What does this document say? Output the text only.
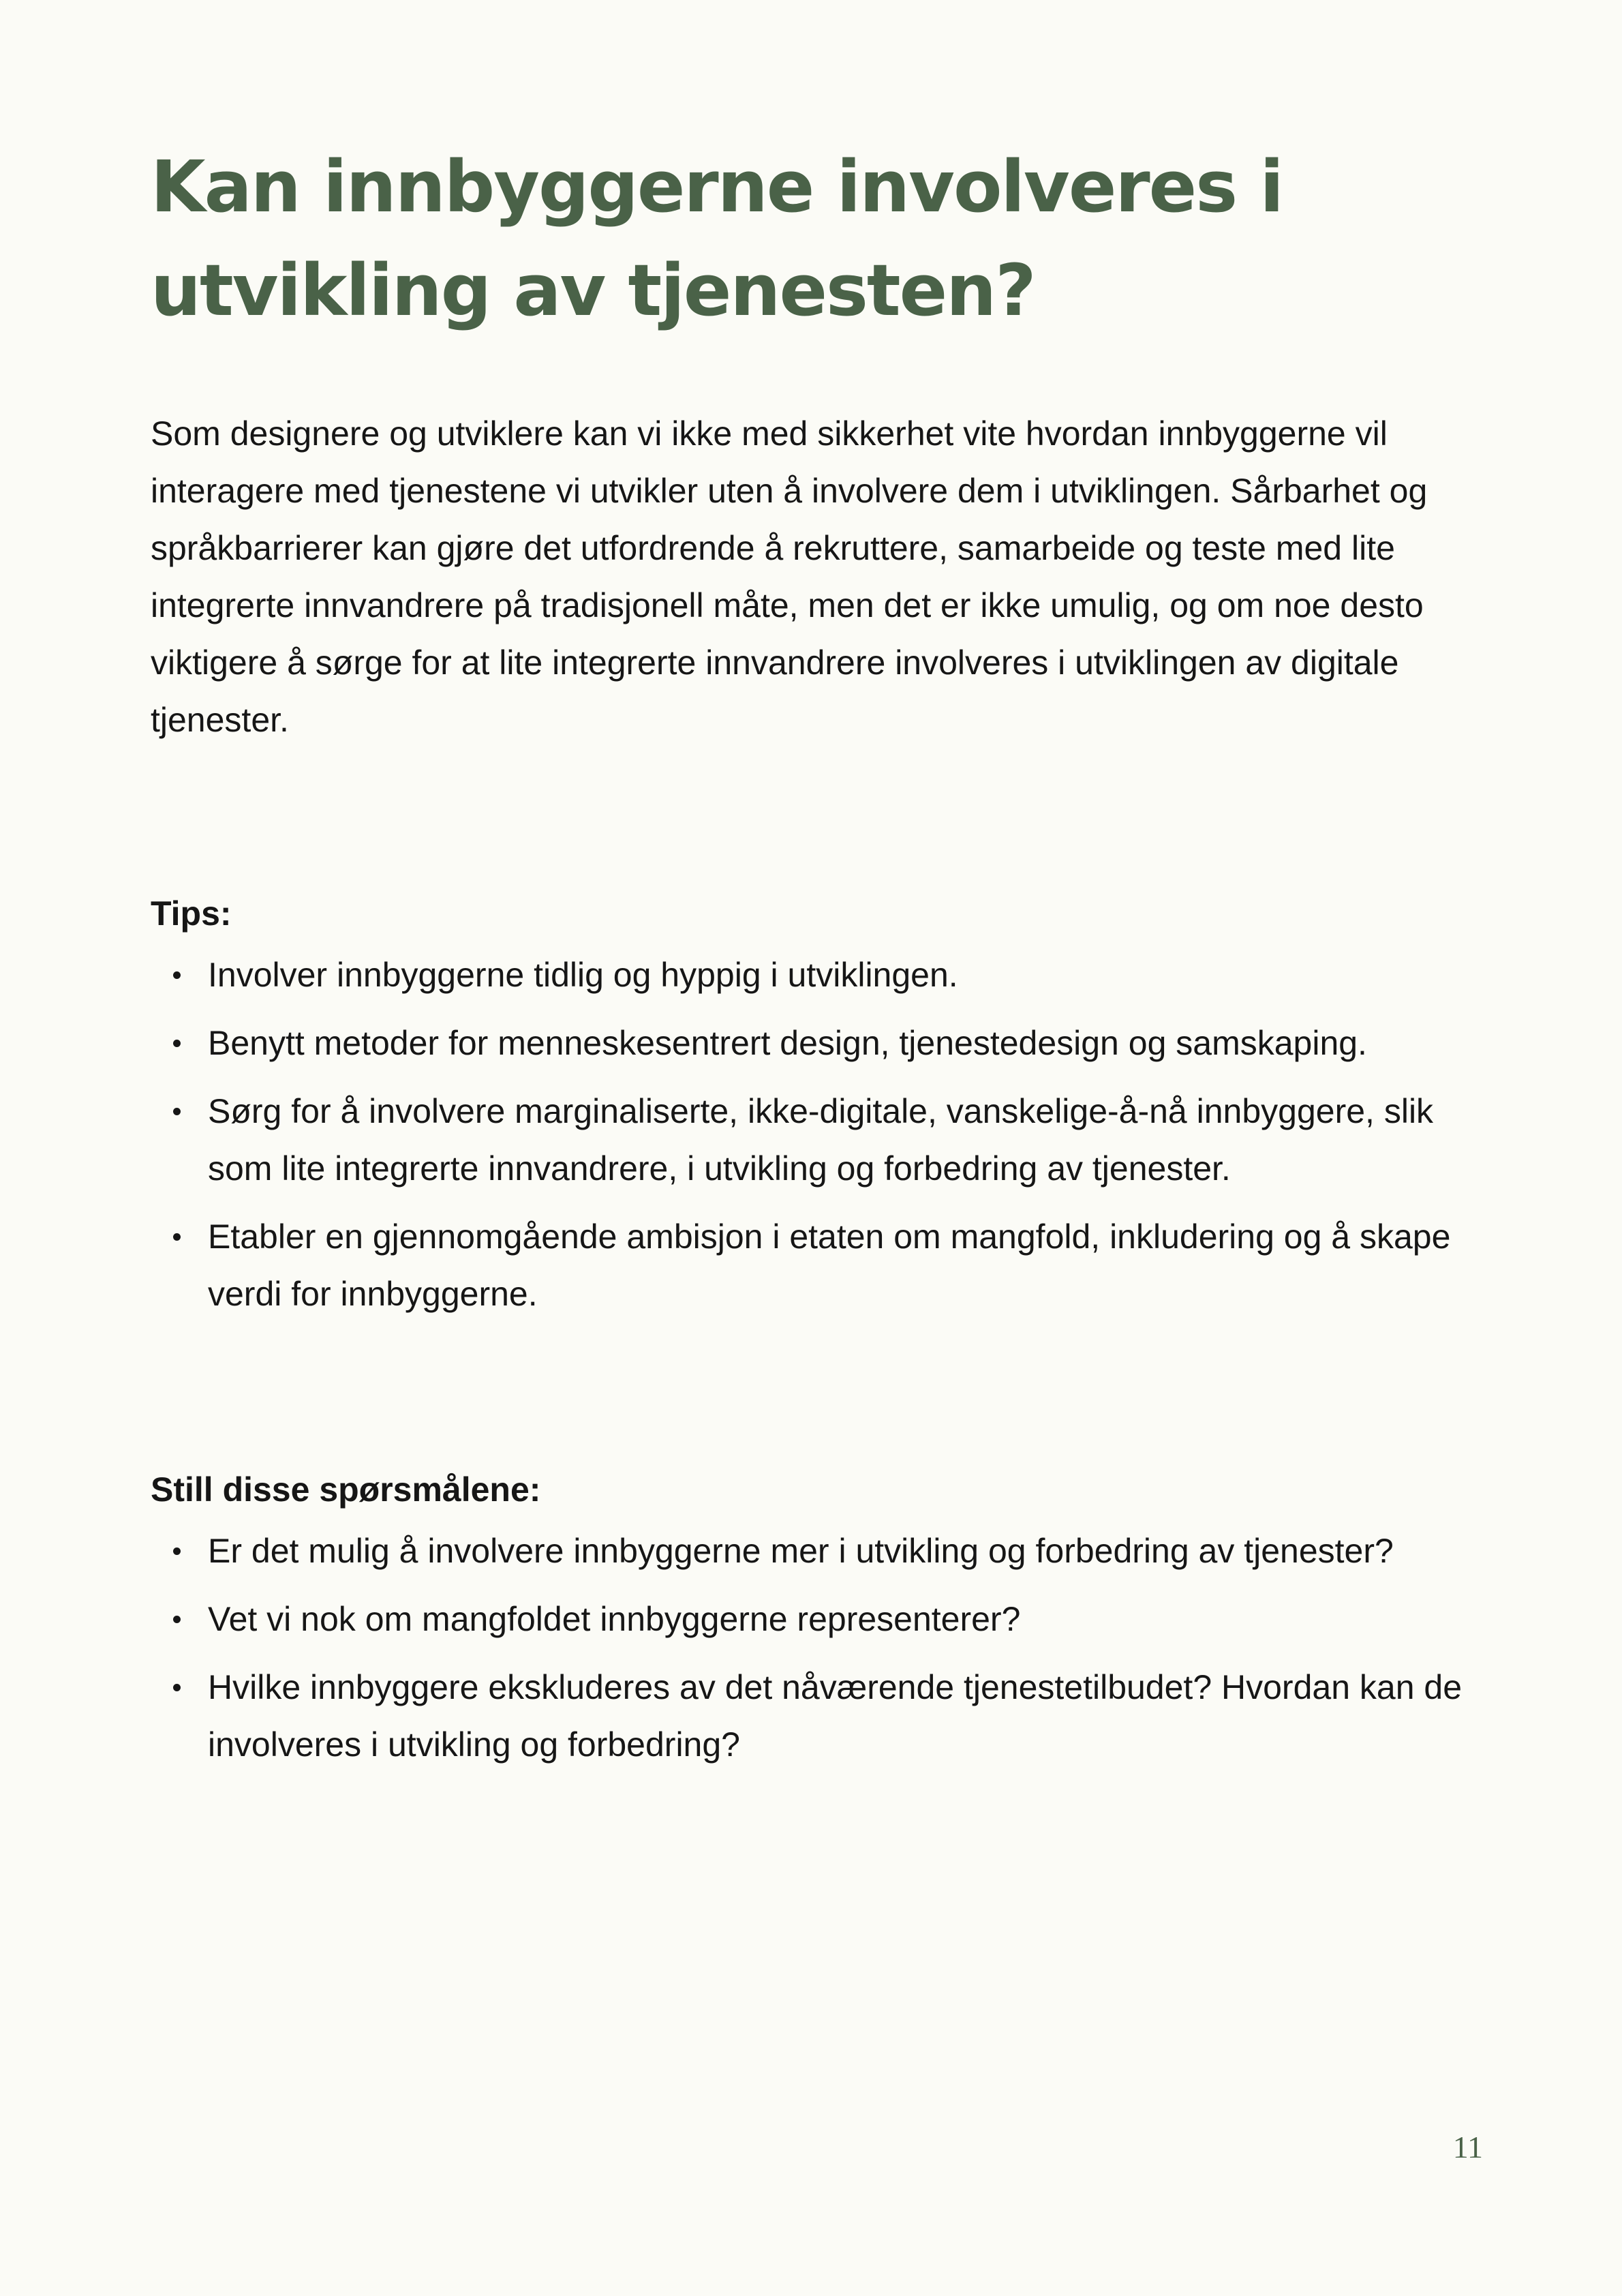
Kan innbyggerne involveres i utvikling av tjenesten?

Som designere og utviklere kan vi ikke med sikkerhet vite hvordan innbyggerne vil interagere med tjenestene vi utvikler uten å involvere dem i utviklingen. Sårbarhet og språkbarrierer kan gjøre det utfordrende å rekruttere, samarbeide og teste med lite integrerte innvandrere på tradisjonell måte, men det er ikke umulig, og om noe desto viktigere å sørge for at lite integrerte innvandrere involveres i utviklingen av digitale tjenester.

Tips:
Involver innbyggerne tidlig og hyppig i utviklingen.
Benytt metoder for menneskesentrert design, tjenestedesign og samskaping.
Sørg for å involvere marginaliserte, ikke-digitale, vanskelige-å-nå innbyggere, slik som lite integrerte innvandrere, i utvikling og forbedring av tjenester.
Etabler en gjennomgående ambisjon i etaten om mangfold, inkludering og å skape verdi for innbyggerne.
Still disse spørsmålene:
Er det mulig å involvere innbyggerne mer i utvikling og forbedring av tjenester?
Vet vi nok om mangfoldet innbyggerne representerer?
Hvilke innbyggere ekskluderes av det nåværende tjenestetilbudet? Hvordan kan de involveres i utvikling og forbedring?
11
